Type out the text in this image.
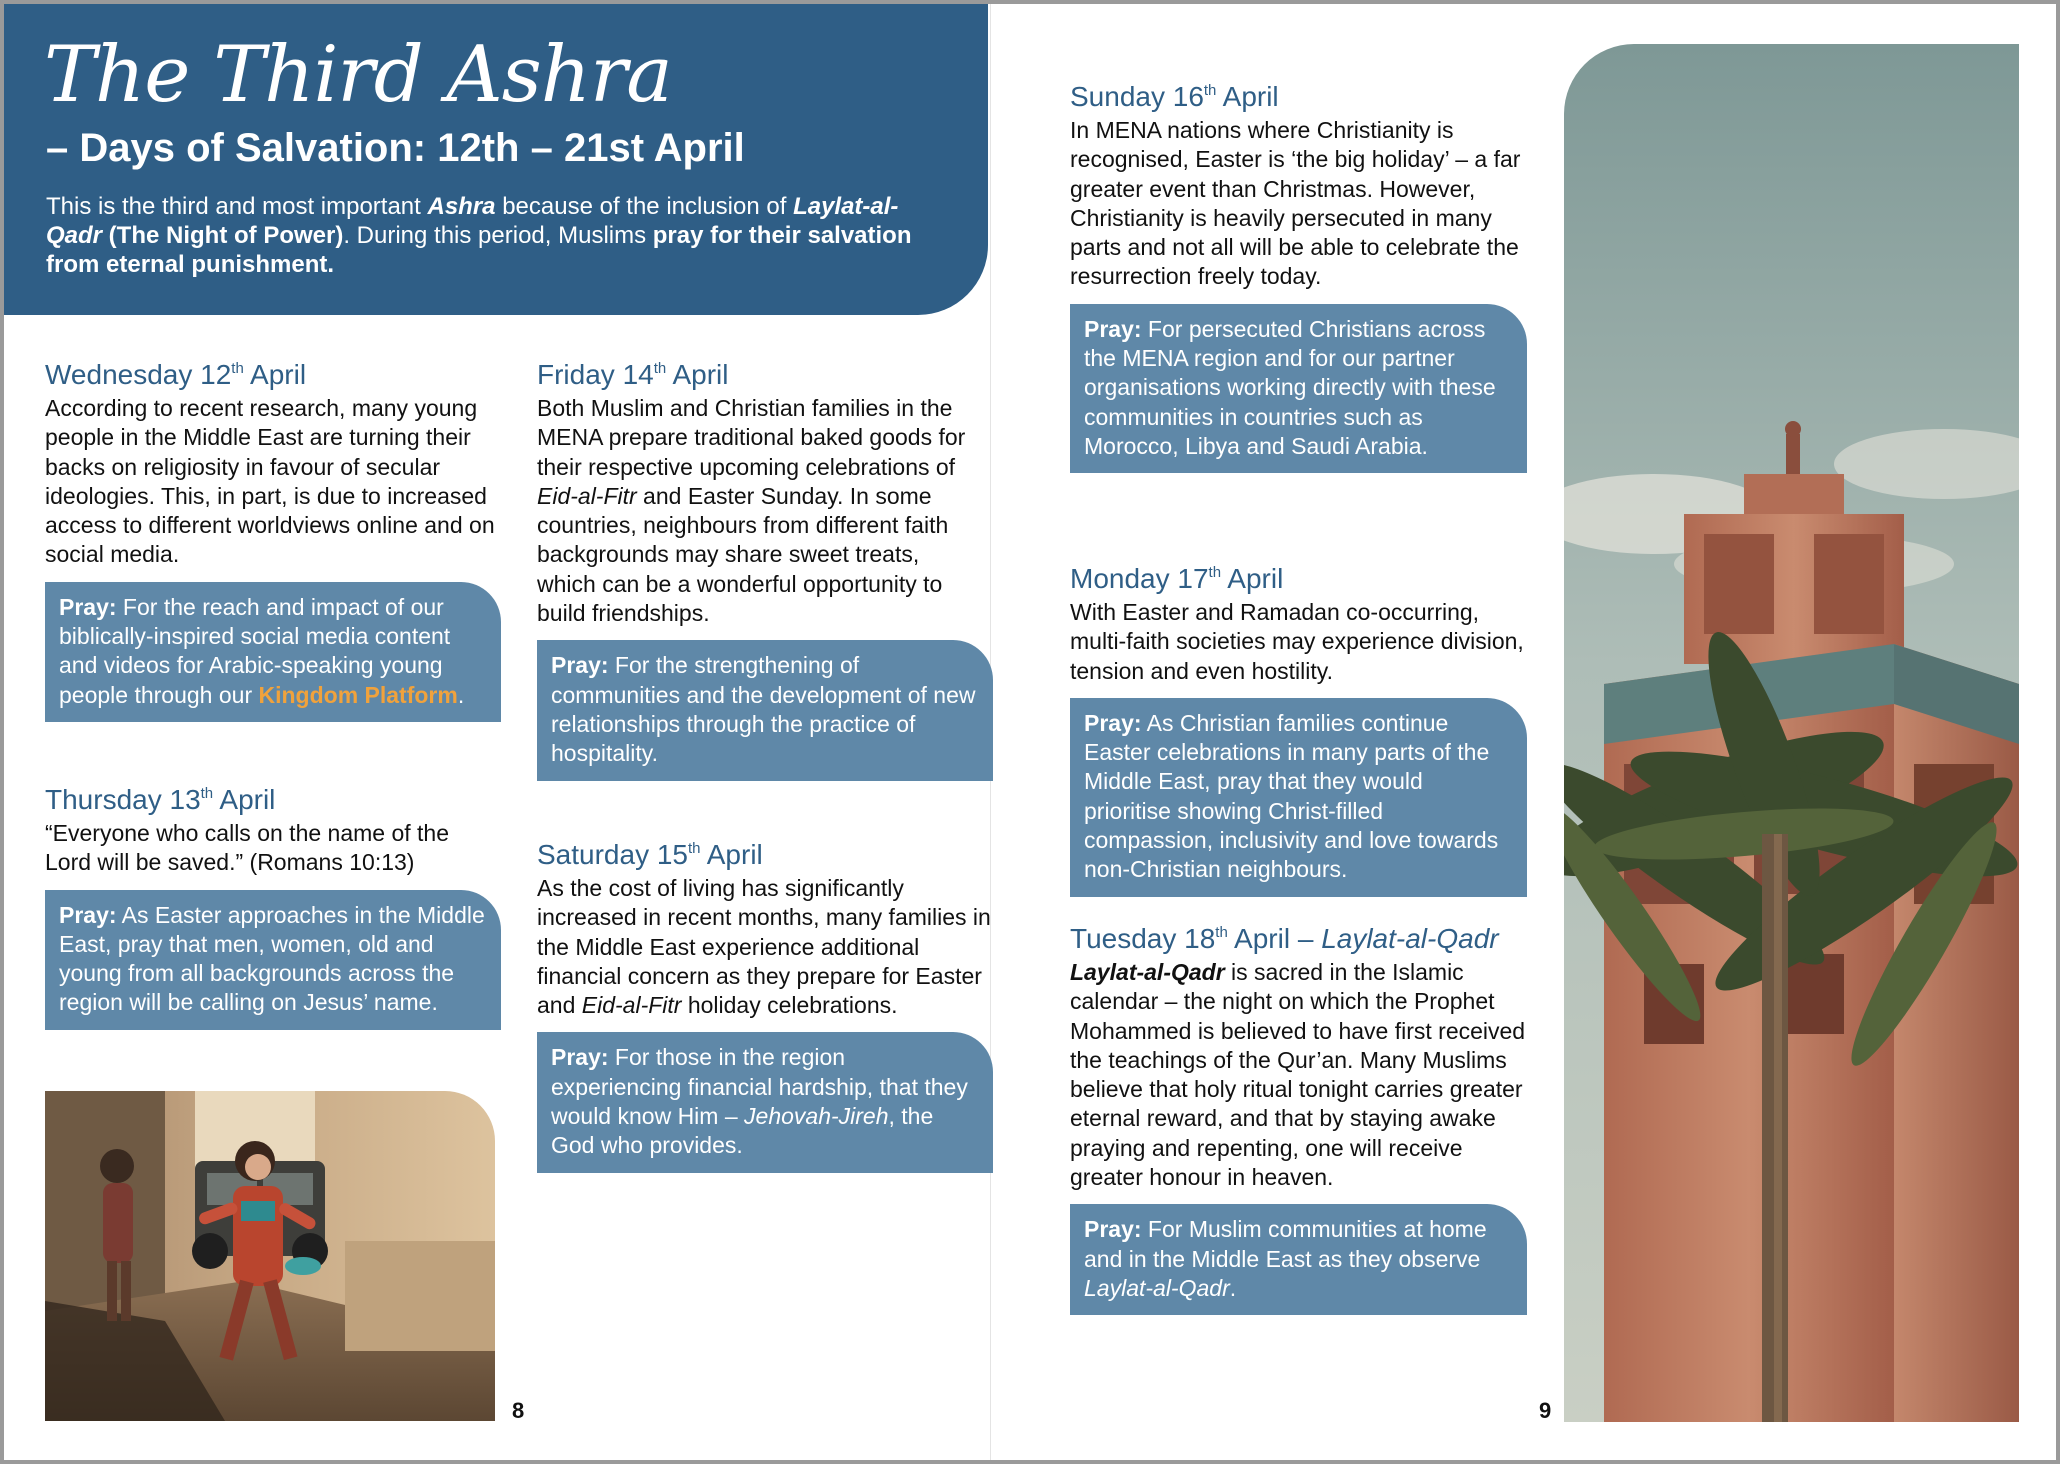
The Third Ashra
– Days of Salvation: 12th – 21st April

This is the third and most important Ashra because of the inclusion of Laylat-al-Qadr (The Night of Power). During this period, Muslims pray for their salvation from eternal punishment.

Wednesday 12th April

According to recent research, many young people in the Middle East are turning their backs on religiosity in favour of secular ideologies. This, in part, is due to increased access to different worldviews online and on social media.

Pray: For the reach and impact of our biblically-inspired social media content and videos for Arabic-speaking young people through our Kingdom Platform.
Thursday 13th April

“Everyone who calls on the name of the Lord will be saved.” (Romans 10:13)

Pray: As Easter approaches in the Middle East, pray that men, women, old and young from all backgrounds across the region will be calling on Jesus’ name.
Friday 14th April

Both Muslim and Christian families in the MENA prepare traditional baked goods for their respective upcoming celebrations of Eid-al-Fitr and Easter Sunday. In some countries, neighbours from different faith backgrounds may share sweet treats, which can be a wonderful opportunity to build friendships.

Pray: For the strengthening of communities and the development of new relationships through the practice of hospitality.
Saturday 15th April

As the cost of living has significantly increased in recent months, many families in the Middle East experience additional financial concern as they prepare for Easter and Eid-al-Fitr holiday celebrations.

Pray: For those in the region experiencing financial hardship, that they would know Him – Jehovah-Jireh, the God who provides.
Sunday 16th April

In MENA nations where Christianity is recognised, Easter is ‘the big holiday’ – a far greater event than Christmas. However, Christianity is heavily persecuted in many parts and not all will be able to celebrate the resurrection freely today.

Pray: For persecuted Christians across the MENA region and for our partner organisations working directly with these communities in countries such as Morocco, Libya and Saudi Arabia.
Monday 17th April

With Easter and Ramadan co-occurring, multi-faith societies may experience division, tension and even hostility.

Pray: As Christian families continue Easter celebrations in many parts of the Middle East, pray that they would prioritise showing Christ-filled compassion, inclusivity and love towards non-Christian neighbours.
Tuesday 18th April – Laylat-al-Qadr

Laylat-al-Qadr is sacred in the Islamic calendar – the night on which the Prophet Mohammed is believed to have first received the teachings of the Qur’an. Many Muslims believe that holy ritual tonight carries greater eternal reward, and that by staying awake praying and repenting, one will receive greater honour in heaven.

Pray: For Muslim communities at home and in the Middle East as they observe Laylat-al-Qadr.
8	9
